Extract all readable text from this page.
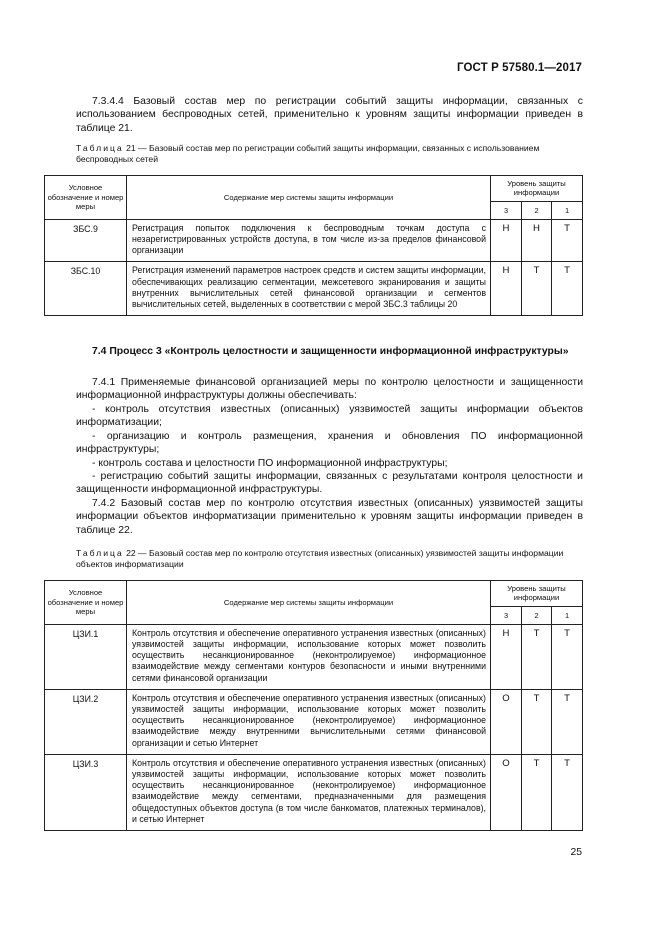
ГОСТ Р 57580.1—2017
7.3.4.4 Базовый состав мер по регистрации событий защиты информации, связанных с использованием беспроводных сетей, применительно к уровням защиты информации приведен в таблице 21.
Таблица 21 — Базовый состав мер по регистрации событий защиты информации, связанных с использованием беспроводных сетей
Условное обозначение и номер меры	Содержание мер системы защиты информации	Уровень защиты информации		
		3	2	1
ЗБС.9	Регистрация попыток подключения к беспроводным точкам доступа с незарегистрированных устройств доступа, в том числе из-за пределов финансовой организации	Н	Н	Т
ЗБС.10	Регистрация изменений параметров настроек средств и систем защиты информации, обеспечивающих реализацию сегментации, межсетевого экранирования и защиты внутренних вычислительных сетей финансовой организации и сегментов вычислительных сетей, выделенных в соответствии с мерой ЗБС.3 таблицы 20	Н	Т	Т
7.4 Процесс 3 «Контроль целостности и защищенности информационной инфраструктуры»
7.4.1 Применяемые финансовой организацией меры по контролю целостности и защищенности информационной инфраструктуры должны обеспечивать:
- контроль отсутствия известных (описанных) уязвимостей защиты информации объектов информатизации;
- организацию и контроль размещения, хранения и обновления ПО информационной инфраструктуры;
- контроль состава и целостности ПО информационной инфраструктуры;
- регистрацию событий защиты информации, связанных с результатами контроля целостности и защищенности информационной инфраструктуры.
7.4.2 Базовый состав мер по контролю отсутствия известных (описанных) уязвимостей защиты информации объектов информатизации применительно к уровням защиты информации приведен в таблице 22.
Таблица 22 — Базовый состав мер по контролю отсутствия известных (описанных) уязвимостей защиты информации объектов информатизации
Условное обозначение и номер меры	Содержание мер системы защиты информации	Уровень защиты информации		
		3	2	1
ЦЗИ.1	Контроль отсутствия и обеспечение оперативного устранения известных (описанных) уязвимостей защиты информации, использование которых может позволить осуществить несанкционированное (неконтролируемое) информационное взаимодействие между сегментами контуров безопасности и иными внутренними сетями финансовой организации	Н	Т	Т
ЦЗИ.2	Контроль отсутствия и обеспечение оперативного устранения известных (описанных) уязвимостей защиты информации, использование которых может позволить осуществить несанкционированное (неконтролируемое) информационное взаимодействие между внутренними вычислительными сетями финансовой организации и сетью Интернет	О	Т	Т
ЦЗИ.3	Контроль отсутствия и обеспечение оперативного устранения известных (описанных) уязвимостей защиты информации, использование которых может позволить осуществить несанкционированное (неконтролируемое) информационное взаимодействие между сегментами, предназначенными для размещения общедоступных объектов доступа (в том числе банкоматов, платежных терминалов), и сетью Интернет	О	Т	Т
25
